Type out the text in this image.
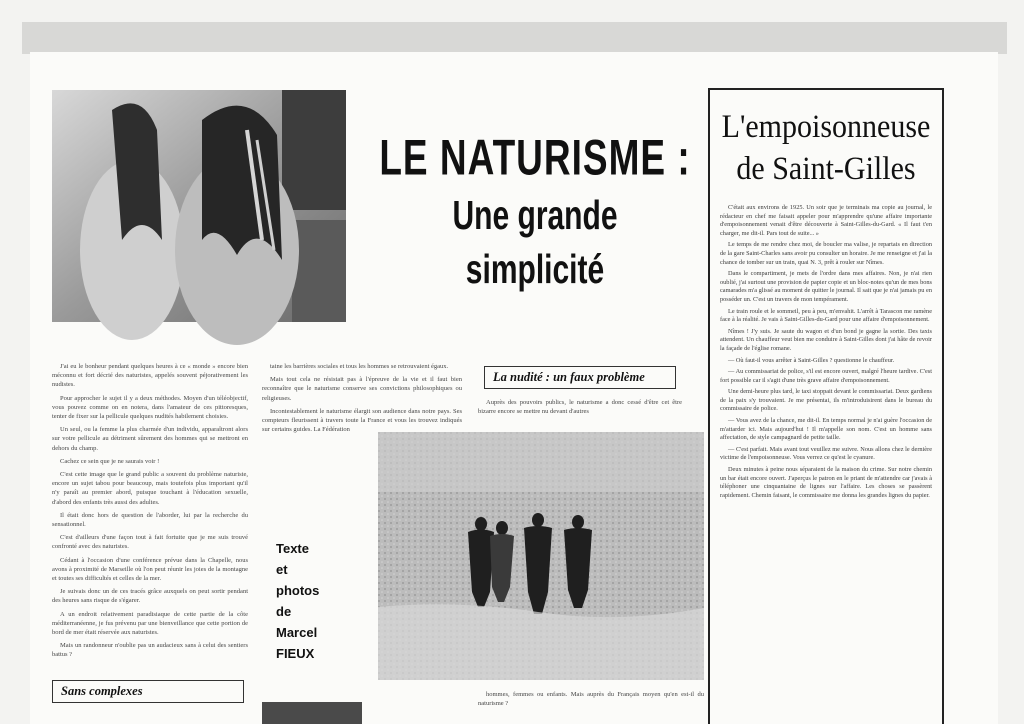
LE NATURISME :
Une grande
simplicité

J'ai eu le bonheur pendant quelques heures à ce « monde » encore bien méconnu et fort décrié des naturistes, appelés souvent péjorativement les nudistes.

Pour approcher le sujet il y a deux méthodes. Moyen d'un téléobjectif, vous pouvez comme on en notera, dans l'amateur de ces pittoresques, tenter de fixer sur la pellicule quelques nudités habilement choisies.

Un seul, ou la femme la plus charmée d'un individu, apparaîtront alors sur votre pellicule au détriment sûrement des hommes qui se mettront en dehors du champ.

Cachez ce sein que je ne saurais voir !

C'est cette image que le grand public a souvent du problème naturiste, encore un sujet tabou pour beaucoup, mais toutefois plus important qu'il n'y paraît au premier abord, puisque touchant à l'éducation sexuelle, d'abord des enfants très aussi des adultes.

Il était donc hors de question de l'aborder, lui par la recherche du sensationnel.

C'est d'ailleurs d'une façon tout à fait fortuite que je me suis trouvé confronté avec des naturistes.

Cédant à l'occasion d'une conférence prévue dans la Chapelle, nous avons à proximité de Marseille où l'on peut réunir les joies de la montagne et toutes ses difficultés et celles de la mer.

Je suivais donc un de ces tracés grâce auxquels on peut sortir pendant des heures sans risque de s'égarer.

A un endroit relativement paradisiaque de cette partie de la côte méditerranéenne, je fus prévenu par une bienveillance que cette portion de bord de mer était réservée aux naturistes.

Mais un randonneur n'oublie pas un audacieux sans à celui des sentiers battus ?

Sans complexes

taine les barrières sociales et tous les hommes se retrouvaient égaux.

Mais tout cela ne résistait pas à l'épreuve de la vie et il faut bien reconnaître que le naturisme conserve ses convictions philosophiques ou religieuses.

Incontestablement le naturisme élargit son audience dans notre pays. Ses compteurs fleurissent à travers toute la France et vous les trouvez indiqués sur certains guides. La Fédération

La nudité : un faux problème

Auprès des pouvoirs publics, le naturisme a donc cessé d'être cet être bizarre encore se mettre nu devant d'autres

Texte
et
photos
de
Marcel
FIEUX

hommes, femmes ou enfants. Mais auprès du Français moyen qu'en est-il du naturisme ?

L'empoisonneuse
de Saint-Gilles

C'était aux environs de 1925. Un soir que je terminais ma copie au journal, le rédacteur en chef me faisait appeler pour m'apprendre qu'une affaire importante d'empoisonnement venait d'être découverte à Saint-Gilles-du-Gard. « Il faut t'en charger, me dit-il. Pars tout de suite... »

Le temps de me rendre chez moi, de boucler ma valise, je repartais en direction de la gare Saint-Charles sans avoir pu consulter un horaire. Je me renseigne et j'ai la chance de tomber sur un train, quai N. 3, prêt à rouler sur Nîmes.

Dans le compartiment, je mets de l'ordre dans mes affaires. Non, je n'ai rien oublié, j'ai surtout une provision de papier copie et un bloc-notes qu'un de mes bons camarades m'a glissé au moment de quitter le journal. Il sait que je n'ai jamais pu en posséder un. C'est un travers de mon tempérament.

Le train roule et le sommeil, peu à peu, m'envahit. L'arrêt à Tarascon me ramène face à la réalité. Je vais à Saint-Gilles-du-Gard pour une affaire d'empoisonnement.

Nîmes ! J'y suis. Je saute du wagon et d'un bond je gagne la sortie. Des taxis attendent. Un chauffeur veut bien me conduire à Saint-Gilles dont j'ai hâte de revoir la façade de l'église romane.

— Où faut-il vous arrêter à Saint-Gilles ? questionne le chauffeur.

— Au commissariat de police, s'il est encore ouvert, malgré l'heure tardive. C'est fort possible car il s'agit d'une très grave affaire d'empoisonnement.

Une demi-heure plus tard, le taxi stoppait devant le commissariat. Deux gardiens de la paix s'y trouvaient. Je me présentai, ils m'introduisirent dans le bureau du commissaire de police.

— Vous avez de la chance, me dit-il. En temps normal je n'ai guère l'occasion de m'attarder ici. Mais aujourd'hui ! Il m'appelle son nom. C'est un homme sans affectation, de style campagnard de petite taille.

— C'est parfait. Mais avant tout veuillez me suivre. Nous allons chez le dernière victime de l'empoisonneuse. Vous verrez ce qu'est le cyanure.

Deux minutes à peine nous séparaient de la maison du crime. Sur notre chemin un bar était encore ouvert. J'aperçus le patron en le priant de m'attendre car j'avais à téléphoner une cinquantaine de lignes sur l'affaire. Les choses se passèrent rapidement. Chemin faisant, le commissaire me donna les grandes lignes du papier.
